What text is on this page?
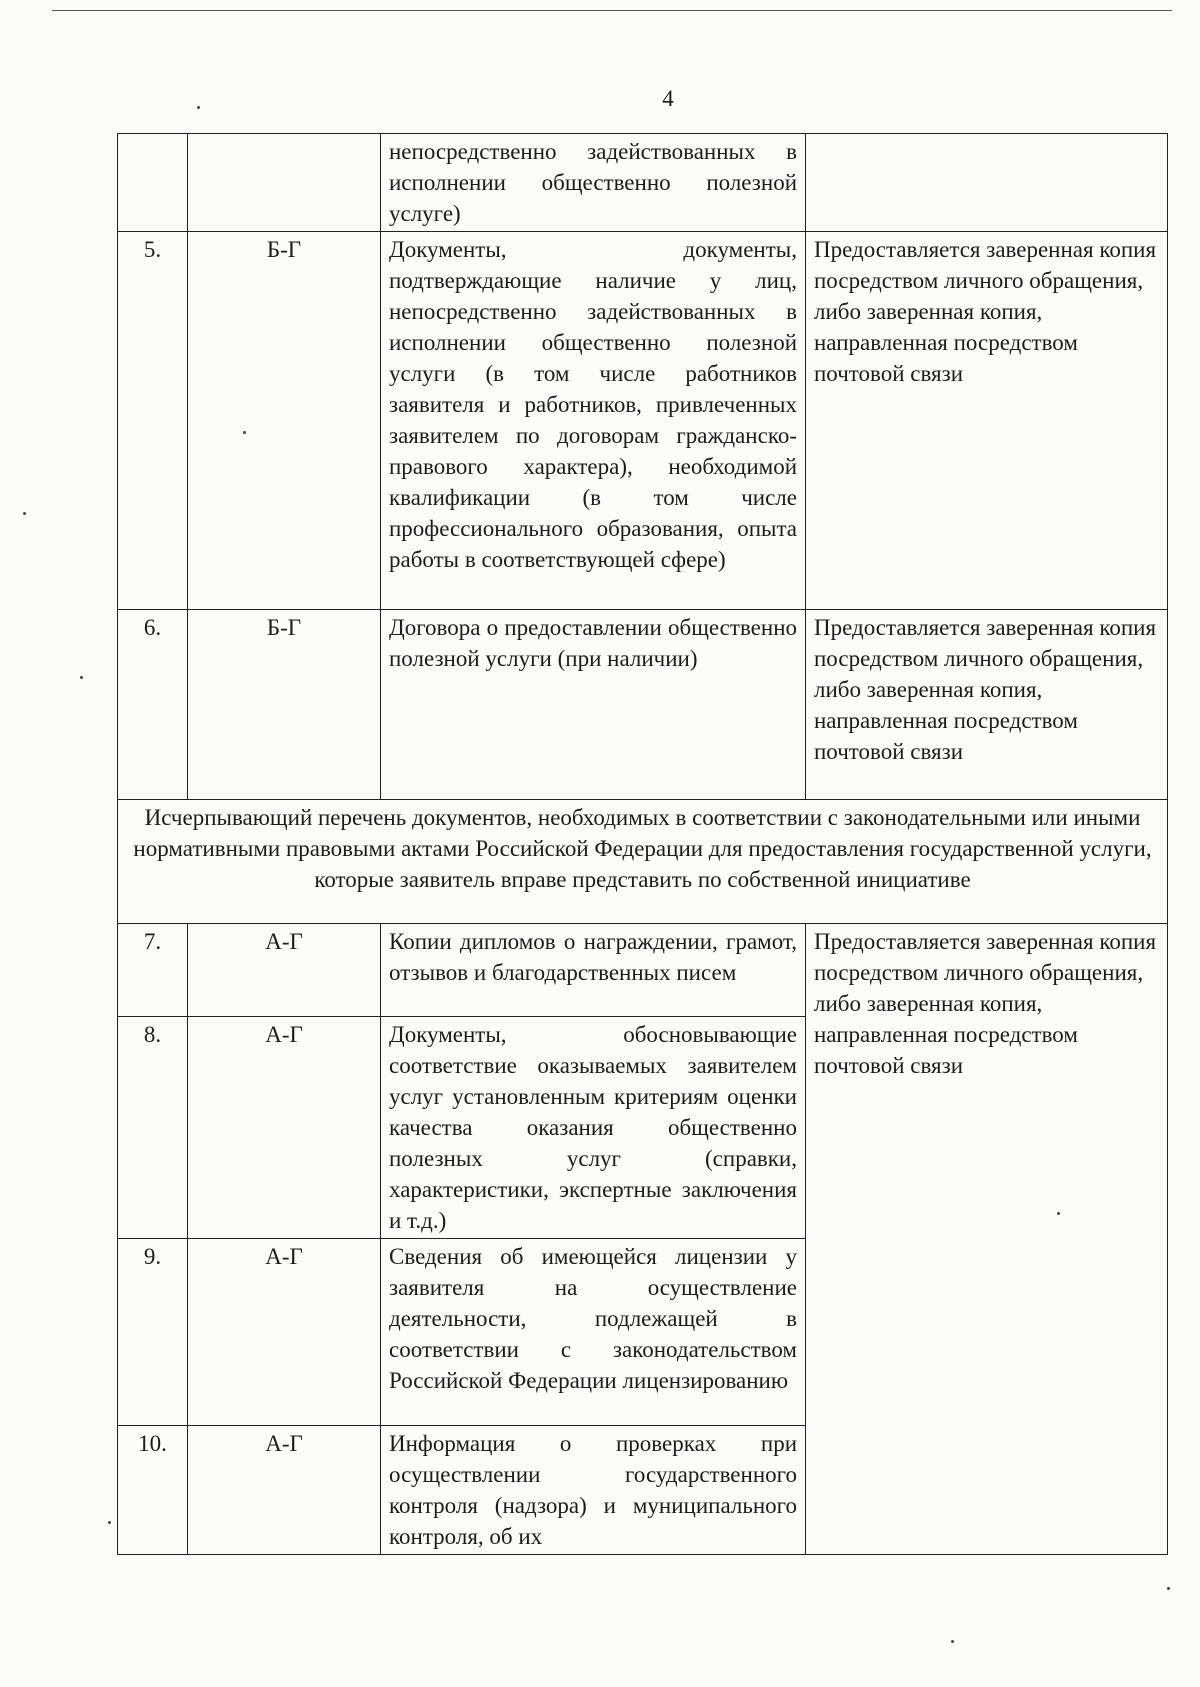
4
		непосредственно задействованных в исполнении общественно полезной услуге)	
5.	Б-Г	Документы, документы, подтверждающие наличие у лиц, непосредственно задействованных в исполнении общественно полезной услуги (в том числе работников заявителя и работников, привлеченных заявителем по договорам гражданско-правового характера), необходимой квалификации (в том числе профессионального образования, опыта работы в соответствующей сфере)	Предоставляется заверенная копия посредством личного обращения, либо заверенная копия, направленная посредством почтовой связи
6.	Б-Г	Договора о предоставлении общественно полезной услуги (при наличии)	Предоставляется заверенная копия посредством личного обращения, либо заверенная копия, направленная посредством почтовой связи
Исчерпывающий перечень документов, необходимых в соответствии с законодательными или иными нормативными правовыми актами Российской Федерации для предоставления государственной услуги, которые заявитель вправе представить по собственной инициативе			
7.	А-Г	Копии дипломов о награждении, грамот, отзывов и благодарственных писем	Предоставляется заверенная копия посредством личного обращения, либо заверенная копия, направленная посредством почтовой связи
8.	А-Г	Документы, обосновывающие соответствие оказываемых заявителем услуг установленным критериям оценки качества оказания общественно полезных услуг (справки, характеристики, экспертные заключения и т.д.)	
9.	А-Г	Сведения об имеющейся лицензии у заявителя на осуществление деятельности, подлежащей в соответствии с законодательством Российской Федерации лицензированию	
10.	А-Г	Информация о проверках при осуществлении государственного контроля (надзора) и муниципального контроля, об их	
